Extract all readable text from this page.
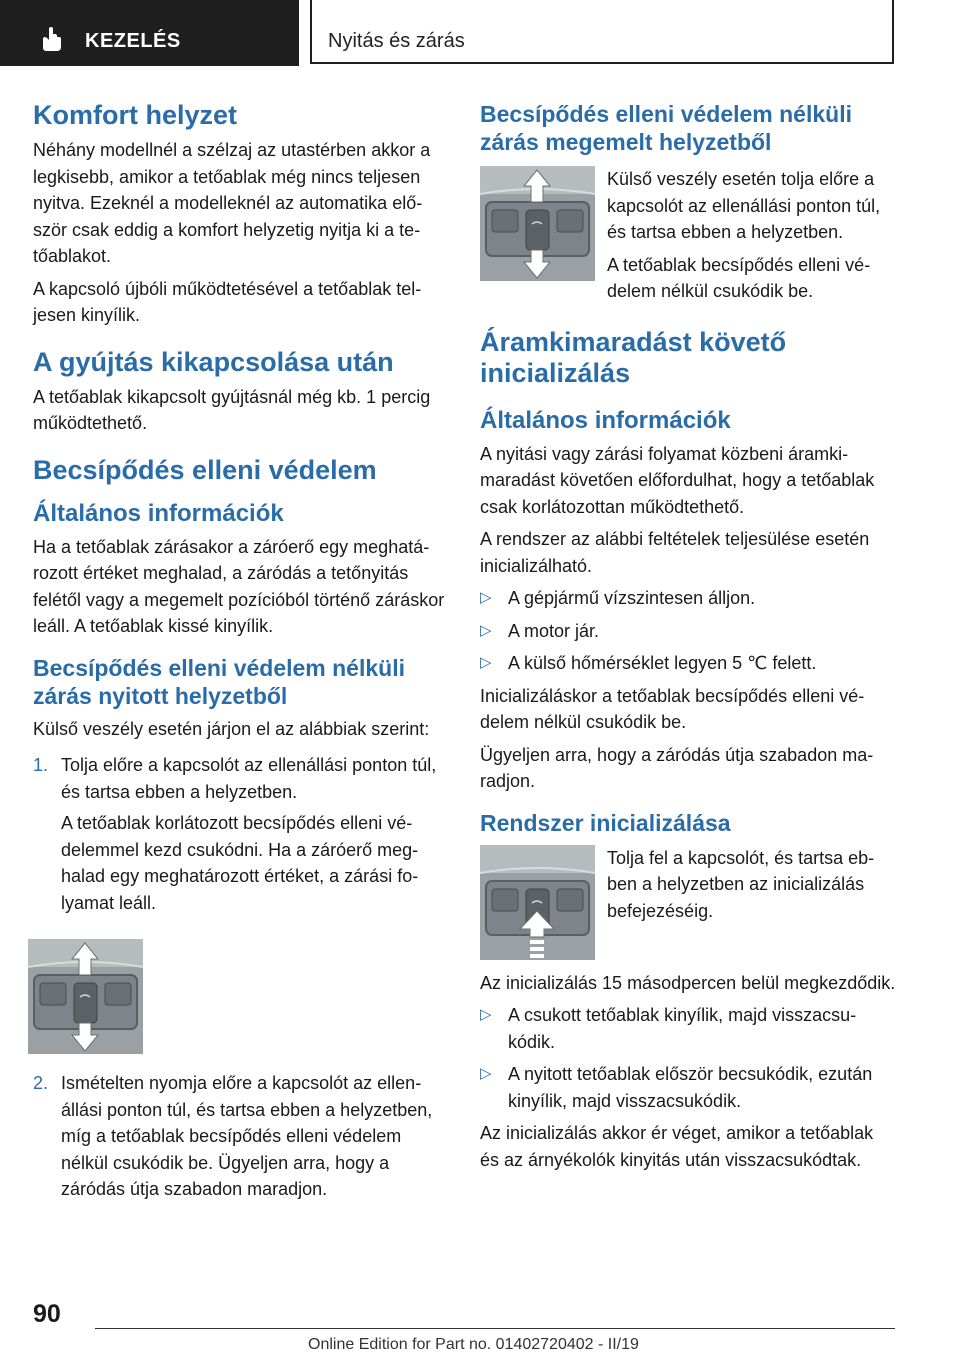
KEZELÉS	Nyitás és zárás
Komfort helyzet

Néhány modellnél a szélzaj az utastérben akkor a legkisebb, amikor a tetőablak még nincs teljesen nyitva. Ezeknél a modelleknél az automatika először csak eddig a komfort helyzetig nyitja ki a tetőablakot.

A kapcsoló újbóli működtetésével a tetőablak teljesen kinyílik.

A gyújtás kikapcsolása után

A tetőablak kikapcsolt gyújtásnál még kb. 1 percig működtethető.

Becsípődés elleni védelem
Általános információk

Ha a tetőablak zárásakor a záróerő egy meghatározott értéket meghalad, a záródás a tetőnyitás felétől vagy a megemelt pozícióból történő záráskor leáll. A tetőablak kissé kinyílik.

Becsípődés elleni védelem nélküli zárás nyitott helyzetből

Külső veszély esetén járjon el az alábbiak szerint:

1. Tolja előre a kapcsolót az ellenállási ponton túl, és tartsa ebben a helyzetben.

A tetőablak korlátozott becsípődés elleni védelemmel kezd csukódni. Ha a záróerő meghalad egy meghatározott értéket, a zárási folyamat leáll.

2. Ismételten nyomja előre a kapcsolót az ellenállási ponton túl, és tartsa ebben a helyzetben, míg a tetőablak becsípődés elleni védelem nélkül csukódik be. Ügyeljen arra, hogy a záródás útja szabadon maradjon.

Becsípődés elleni védelem nélküli zárás megemelt helyzetből

Külső veszély esetén tolja előre a kapcsolót az ellenállási ponton túl, és tartsa ebben a helyzetben.

A tetőablak becsípődés elleni védelem nélkül csukódik be.

Áramkimaradást követő inicializálás
Általános információk

A nyitási vagy zárási folyamat közbeni áramkimaradást követően előfordulhat, hogy a tetőablak csak korlátozottan működtethető.

A rendszer az alábbi feltételek teljesülése esetén inicializálható.

▷ A gépjármű vízszintesen álljon.
▷ A motor jár.
▷ A külső hőmérséklet legyen 5 ℃ felett.

Inicializáláskor a tetőablak becsípődés elleni védelem nélkül csukódik be.

Ügyeljen arra, hogy a záródás útja szabadon maradjon.

Rendszer inicializálása

Tolja fel a kapcsolót, és tartsa ebben a helyzetben az inicializálás befejezéséig.

Az inicializálás 15 másodpercen belül megkezdődik.

▷ A csukott tetőablak kinyílik, majd visszacsukódik.
▷ A nyitott tetőablak először becsukódik, ezután kinyílik, majd visszacsukódik.

Az inicializálás akkor ér véget, amikor a tetőablak és az árnyékolók kinyitás után visszacsukódtak.

90
Online Edition for Part no. 01402720402 - II/19
